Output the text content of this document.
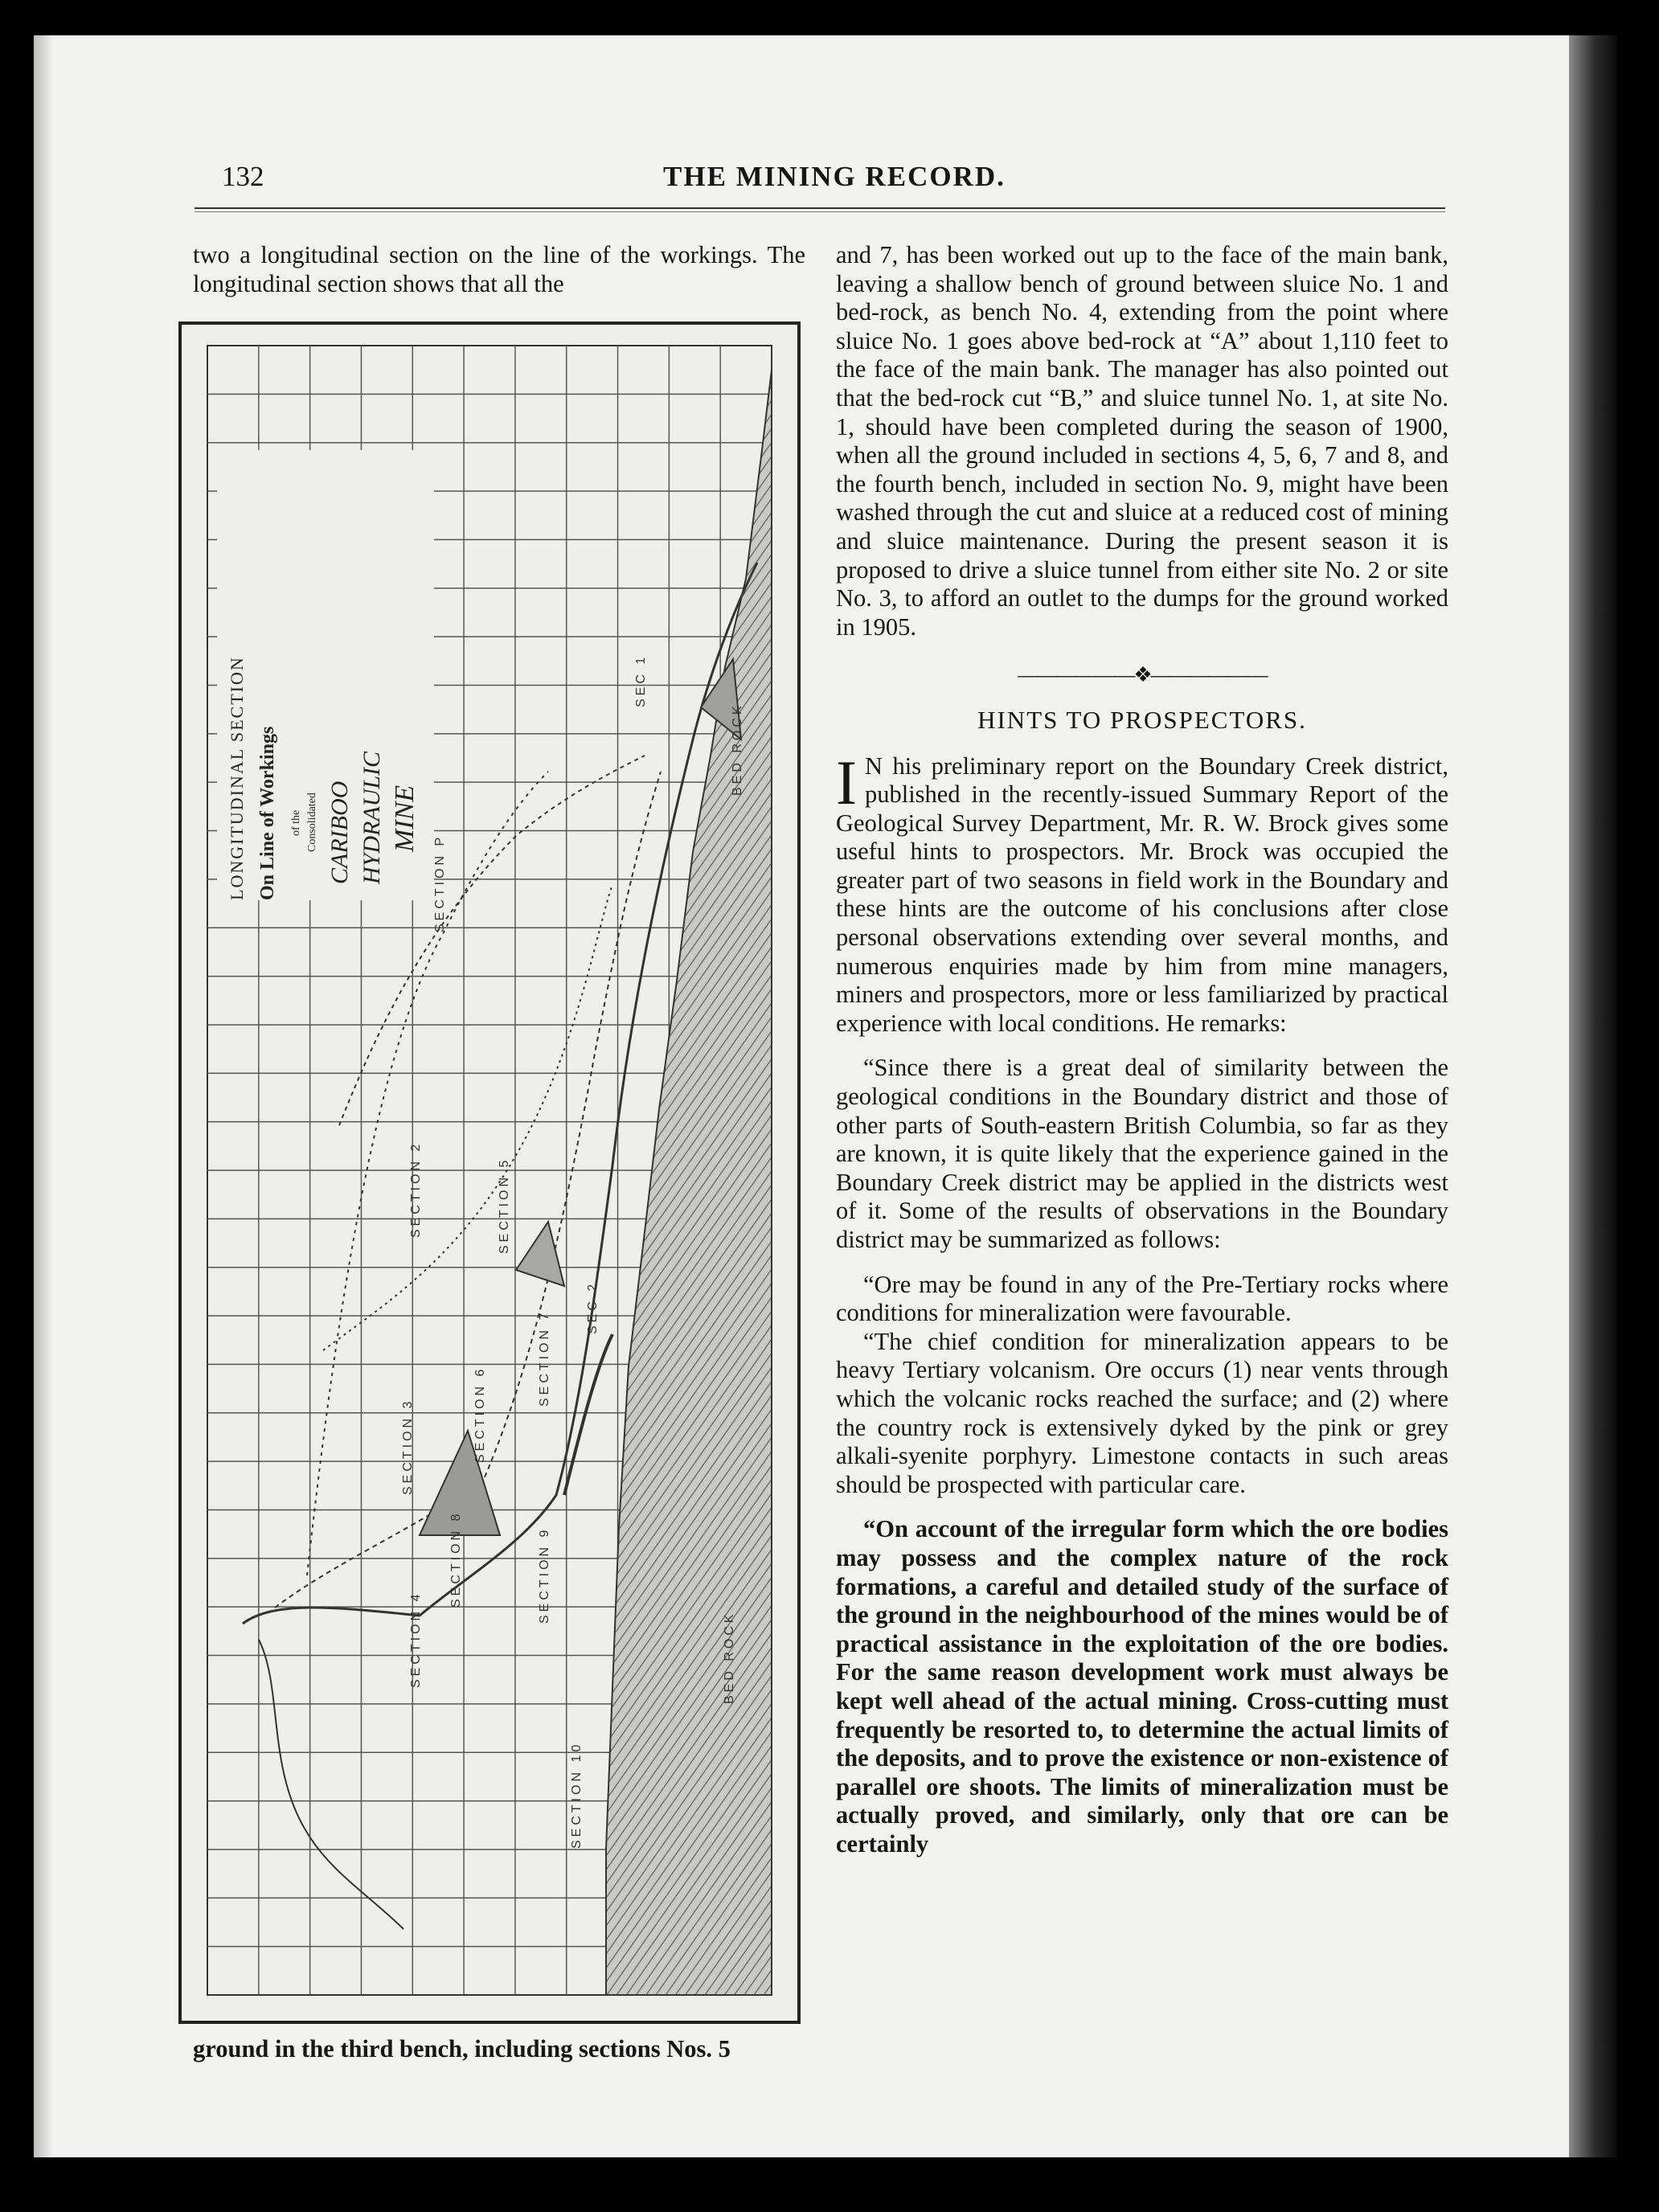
132	THE MINING RECORD.

two a longitudinal section on the line of the workings. The longitudinal section shows that all the

LONGITUDINAL SECTION On Line of Workings of the Consolidated CARIBOO HYDRAULIC MINE
SECTION P
SECTION 2
SECTION 3
SECTION 4
SECTION 5
SECTION 6
SECTION 7
SECTION 8	SECTION 9
SECTION 10
SEC 1
SEC 2
BED ROCK
BED ROCK

ground in the third bench, including sections Nos. 5

and 7, has been worked out up to the face of the main bank, leaving a shallow bench of ground between sluice No. 1 and bed-rock, as bench No. 4, extending from the point where sluice No. 1 goes above bed-rock at “A” about 1,110 feet to the face of the main bank. The manager has also pointed out that the bed-rock cut “B,” and sluice tunnel No. 1, at site No. 1, should have been completed during the season of 1900, when all the ground included in sections 4, 5, 6, 7 and 8, and the fourth bench, included in section No. 9, might have been washed through the cut and sluice at a reduced cost of mining and sluice maintenance. During the present season it is proposed to drive a sluice tunnel from either site No. 2 or site No. 3, to afford an outlet to the dumps for the ground worked in 1905.

——————❖——————
HINTS TO PROSPECTORS.

I N his preliminary report on the Boundary Creek district, published in the recently-issued Summary Report of the Geological Survey Department, Mr. R. W. Brock gives some useful hints to prospectors. Mr. Brock was occupied the greater part of two seasons in field work in the Boundary and these hints are the outcome of his conclusions after close personal observations extending over several months, and numerous enquiries made by him from mine managers, miners and prospectors, more or less familiarized by practical experience with local conditions. He remarks:

“Since there is a great deal of similarity between the geological conditions in the Boundary district and those of other parts of South-eastern British Columbia, so far as they are known, it is quite likely that the experience gained in the Boundary Creek district may be applied in the districts west of it. Some of the results of observations in the Boundary district may be summarized as follows:

“Ore may be found in any of the Pre-Tertiary rocks where conditions for mineralization were favourable.

“The chief condition for mineralization appears to be heavy Tertiary volcanism. Ore occurs (1) near vents through which the volcanic rocks reached the surface; and (2) where the country rock is extensively dyked by the pink or grey alkali-syenite porphyry. Limestone contacts in such areas should be prospected with particular care.

“On account of the irregular form which the ore bodies may possess and the complex nature of the rock formations, a careful and detailed study of the surface of the ground in the neighbourhood of the mines would be of practical assistance in the exploitation of the ore bodies. For the same reason development work must always be kept well ahead of the actual mining. Cross-cutting must frequently be resorted to, to determine the actual limits of the deposits, and to prove the existence or non-existence of parallel ore shoots. The limits of mineralization must be actually proved, and similarly, only that ore can be certainly
